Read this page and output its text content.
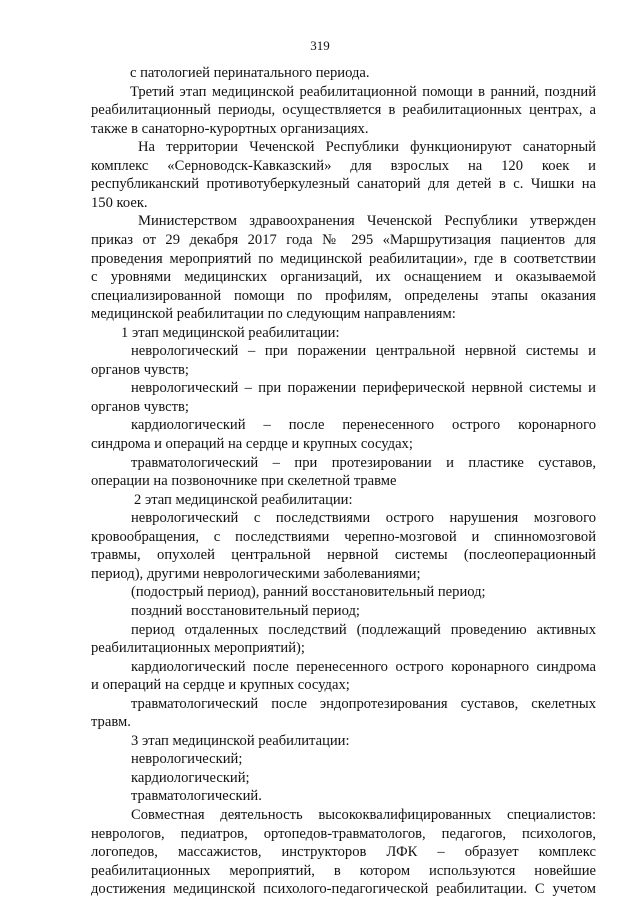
319
с патологией перинатального периода.
Третий этап медицинской реабилитационной помощи в ранний, поздний
реабилитационный периоды, осуществляется в реабилитационных центрах, а
также в санаторно-курортных организациях.
На территории Чеченской Республики функционируют санаторный
комплекс «Серноводск-Кавказский» для взрослых на 120 коек и
республиканский противотуберкулезный санаторий для детей в с. Чишки на
150 коек.
Министерством здравоохранения Чеченской Республики утвержден
приказ от 29 декабря 2017 года № 295 «Маршрутизация пациентов для
проведения мероприятий по медицинской реабилитации», где в соответствии
с уровнями медицинских организаций, их оснащением и оказываемой
специализированной помощи по профилям, определены этапы оказания
медицинской реабилитации по следующим направлениям:
1 этап медицинской реабилитации:
неврологический – при поражении центральной нервной системы и
органов чувств;
неврологический – при поражении периферической нервной системы и
органов чувств;
кардиологический – после перенесенного острого коронарного
синдрома и операций на сердце и крупных сосудах;
травматологический – при протезировании и пластике суставов,
операции на позвоночнике при скелетной травме
2 этап медицинской реабилитации:
неврологический с последствиями острого нарушения мозгового
кровообращения, с последствиями черепно-мозговой и спинномозговой
травмы, опухолей центральной нервной системы (послеоперационный
период), другими неврологическими заболеваниями;
(подострый период), ранний восстановительный период;
поздний восстановительный период;
период отдаленных последствий (подлежащий проведению активных
реабилитационных мероприятий);
кардиологический после перенесенного острого коронарного синдрома
и операций на сердце и крупных сосудах;
травматологический после эндопротезирования суставов, скелетных
травм.
3 этап медицинской реабилитации:
неврологический;
кардиологический;
травматологический.
Совместная деятельность высококвалифицированных специалистов:
неврологов, педиатров, ортопедов-травматологов, педагогов, психологов,
логопедов, массажистов, инструкторов ЛФК – образует комплекс
реабилитационных мероприятий, в котором используются новейшие
достижения медицинской психолого-педагогической реабилитации. С учетом
